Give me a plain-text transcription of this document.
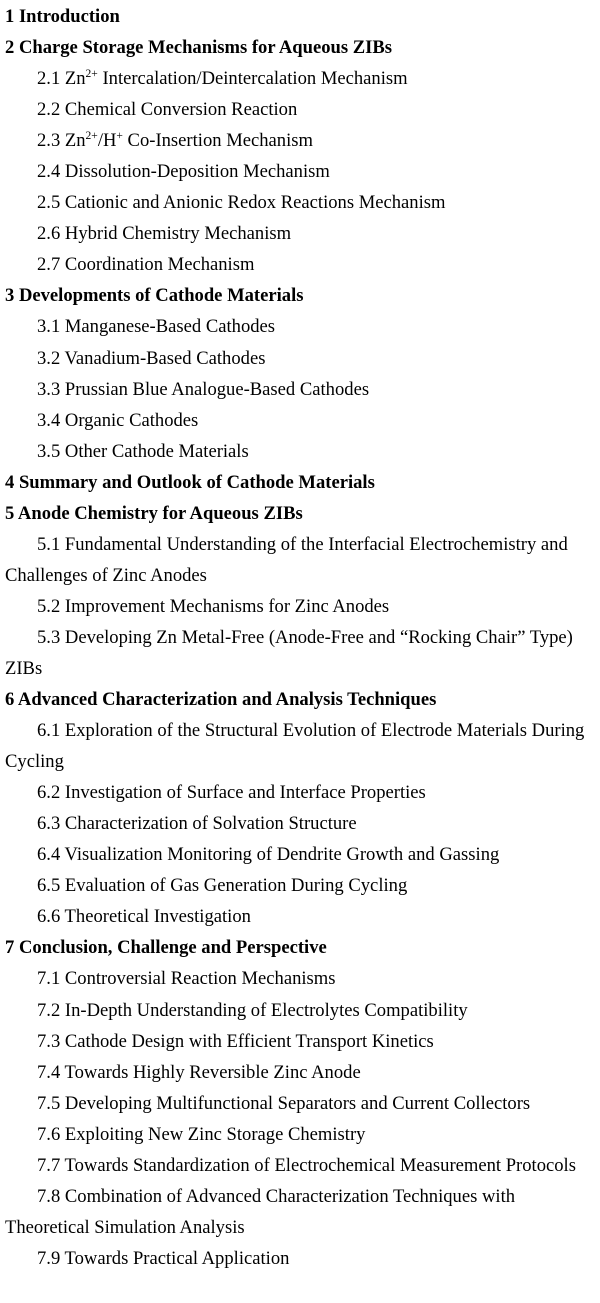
1 Introduction

2 Charge Storage Mechanisms for Aqueous ZIBs

2.1 $Zn^{2+}$ Intercalation/Deintercalation Mechanism

2.2 Chemical Conversion Reaction

2.3 $Zn^{2+}/H^+$ Co-Insertion Mechanism

2.4 Dissolution-Deposition Mechanism

2.5 Cationic and Anionic Redox Reactions Mechanism

2.6 Hybrid Chemistry Mechanism

2.7 Coordination Mechanism

3 Developments of Cathode Materials

3.1 Manganese-Based Cathodes

3.2 Vanadium-Based Cathodes

3.3 Prussian Blue Analogue-Based Cathodes

3.4 Organic Cathodes

3.5 Other Cathode Materials

4 Summary and Outlook of Cathode Materials

5 Anode Chemistry for Aqueous ZIBs

5.1 Fundamental Understanding of the Interfacial Electrochemistry and Challenges of Zinc Anodes

5.2 Improvement Mechanisms for Zinc Anodes

5.3 Developing Zn Metal-Free (Anode-Free and “Rocking Chair” Type) ZIBs

6 Advanced Characterization and Analysis Techniques

6.1 Exploration of the Structural Evolution of Electrode Materials During Cycling

6.2 Investigation of Surface and Interface Properties

6.3 Characterization of Solvation Structure

6.4 Visualization Monitoring of Dendrite Growth and Gassing

6.5 Evaluation of Gas Generation During Cycling

6.6 Theoretical Investigation

7 Conclusion, Challenge and Perspective

7.1 Controversial Reaction Mechanisms

7.2 In-Depth Understanding of Electrolytes Compatibility

7.3 Cathode Design with Efficient Transport Kinetics

7.4 Towards Highly Reversible Zinc Anode

7.5 Developing Multifunctional Separators and Current Collectors

7.6 Exploiting New Zinc Storage Chemistry

7.7 Towards Standardization of Electrochemical Measurement Protocols

7.8 Combination of Advanced Characterization Techniques with Theoretical Simulation Analysis

7.9 Towards Practical Application
